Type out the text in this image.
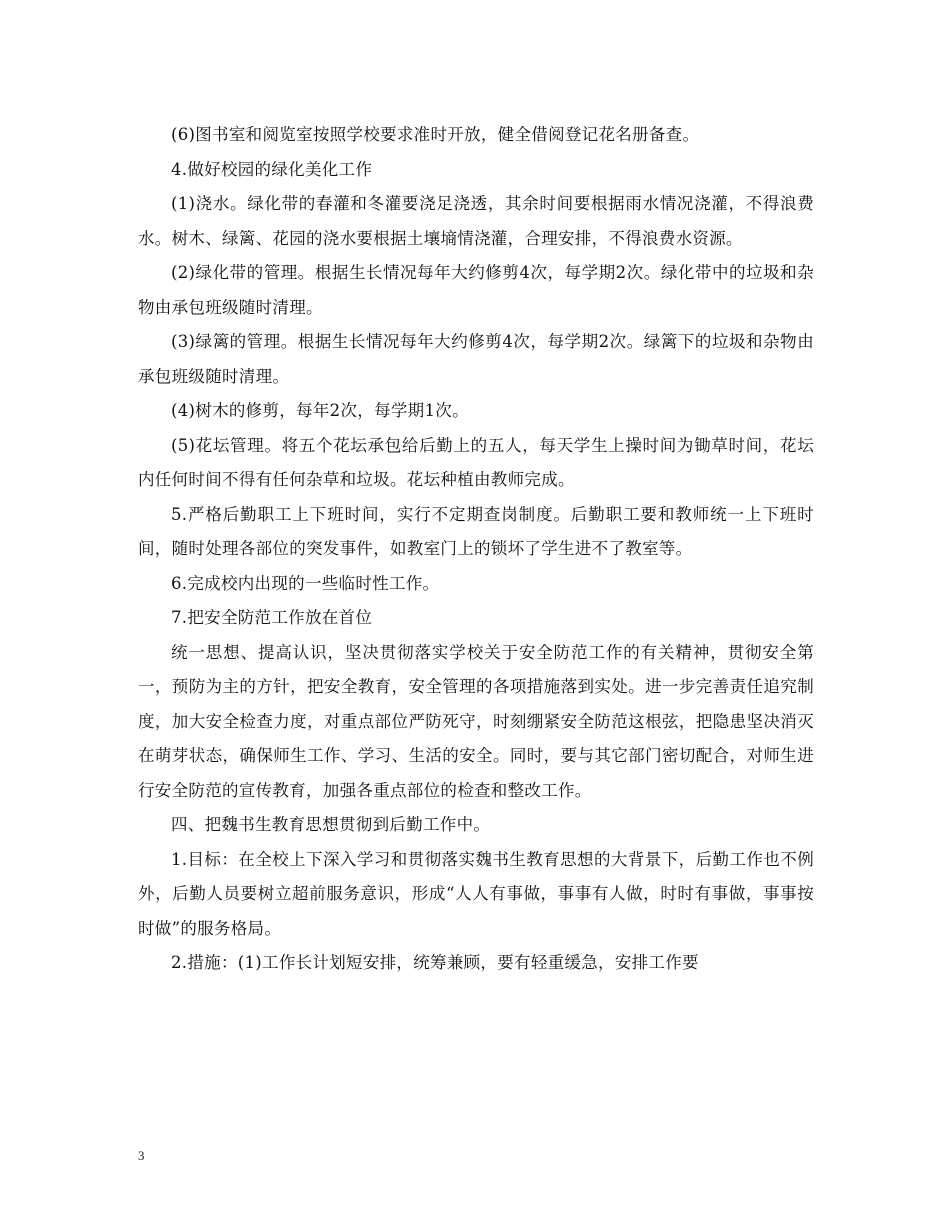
(6)图书室和阅览室按照学校要求准时开放，健全借阅登记花名册备查。

4.做好校园的绿化美化工作

(1)浇水。绿化带的春灌和冬灌要浇足浇透，其余时间要根据雨水情况浇灌，不得浪费水。树木、绿篱、花园的浇水要根据土壤墒情浇灌，合理安排，不得浪费水资源。

(2)绿化带的管理。根据生长情况每年大约修剪4次，每学期2次。绿化带中的垃圾和杂物由承包班级随时清理。

(3)绿篱的管理。根据生长情况每年大约修剪4次，每学期2次。绿篱下的垃圾和杂物由承包班级随时清理。

(4)树木的修剪，每年2次，每学期1次。

(5)花坛管理。将五个花坛承包给后勤上的五人，每天学生上操时间为锄草时间，花坛内任何时间不得有任何杂草和垃圾。花坛种植由教师完成。

5.严格后勤职工上下班时间，实行不定期查岗制度。后勤职工要和教师统一上下班时间，随时处理各部位的突发事件，如教室门上的锁坏了学生进不了教室等。

6.完成校内出现的一些临时性工作。

7.把安全防范工作放在首位

统一思想、提高认识，坚决贯彻落实学校关于安全防范工作的有关精神，贯彻安全第一，预防为主的方针，把安全教育，安全管理的各项措施落到实处。进一步完善责任追究制度，加大安全检查力度，对重点部位严防死守，时刻绷紧安全防范这根弦，把隐患坚决消灭在萌芽状态，确保师生工作、学习、生活的安全。同时，要与其它部门密切配合，对师生进行安全防范的宣传教育，加强各重点部位的检查和整改工作。

四、把魏书生教育思想贯彻到后勤工作中。

1.目标：在全校上下深入学习和贯彻落实魏书生教育思想的大背景下，后勤工作也不例外，后勤人员要树立超前服务意识，形成“人人有事做，事事有人做，时时有事做，事事按时做”的服务格局。

2.措施：(1)工作长计划短安排，统筹兼顾，要有轻重缓急，安排工作要

3
